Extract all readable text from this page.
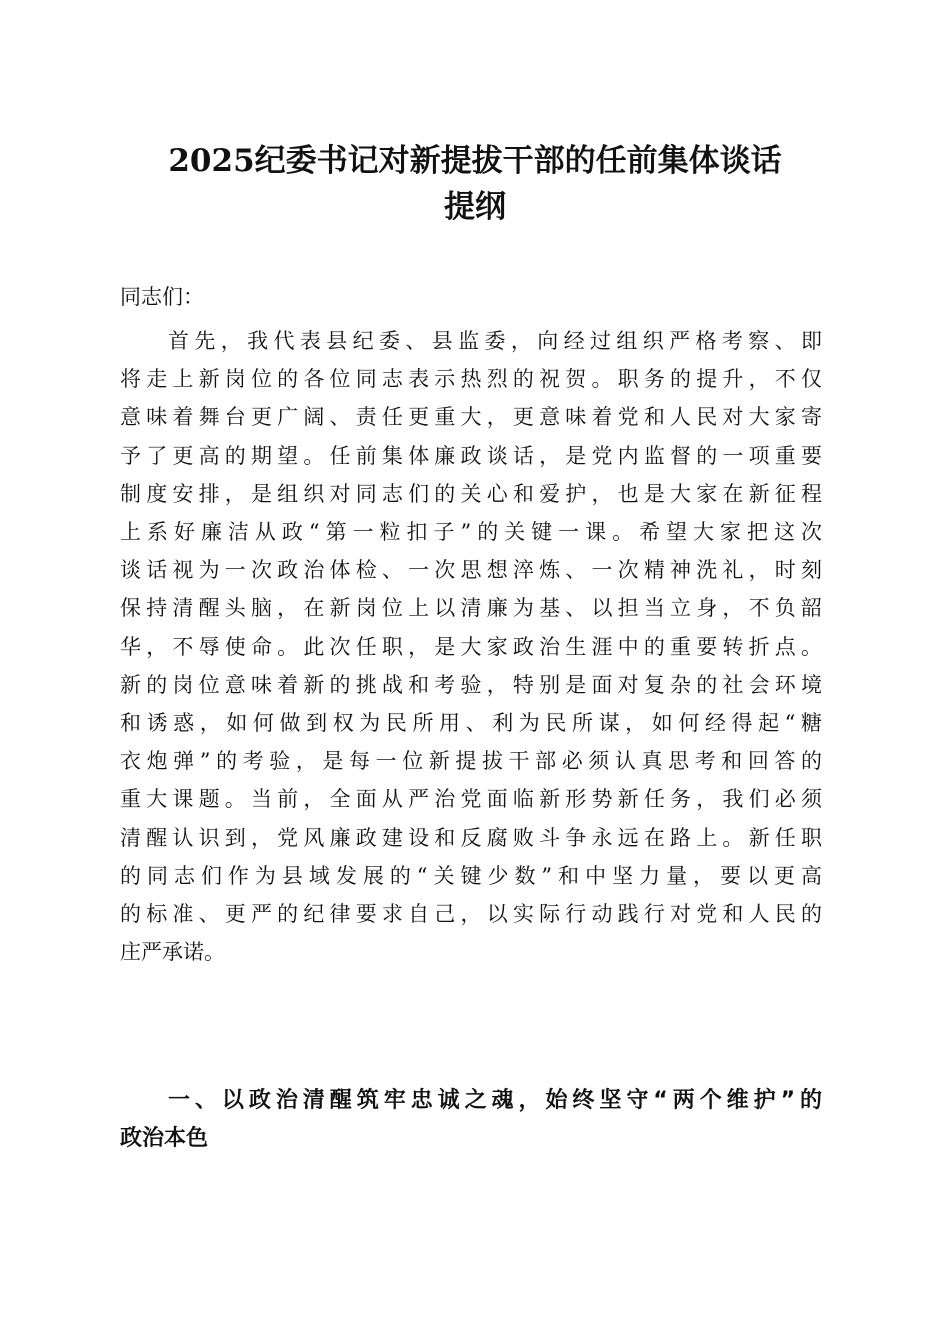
2025纪委书记对新提拔干部的任前集体谈话
提纲

同志们：

首先，我代表县纪委、县监委，向经过组织严格考察、即
将走上新岗位的各位同志表示热烈的祝贺。职务的提升，不仅
意味着舞台更广阔、责任更重大，更意味着党和人民对大家寄
予了更高的期望。任前集体廉政谈话，是党内监督的一项重要
制度安排，是组织对同志们的关心和爱护，也是大家在新征程
上系好廉洁从政“第一粒扣子”的关键一课。希望大家把这次
谈话视为一次政治体检、一次思想淬炼、一次精神洗礼，时刻
保持清醒头脑，在新岗位上以清廉为基、以担当立身，不负韶
华，不辱使命。此次任职，是大家政治生涯中的重要转折点。
新的岗位意味着新的挑战和考验，特别是面对复杂的社会环境
和诱惑，如何做到权为民所用、利为民所谋，如何经得起“糖
衣炮弹”的考验，是每一位新提拔干部必须认真思考和回答的
重大课题。当前，全面从严治党面临新形势新任务，我们必须
清醒认识到，党风廉政建设和反腐败斗争永远在路上。新任职
的同志们作为县域发展的“关键少数”和中坚力量，要以更高
的标准、更严的纪律要求自己，以实际行动践行对党和人民的
庄严承诺。
一、以政治清醒筑牢忠诚之魂，始终坚守“两个维护”的
政治本色
